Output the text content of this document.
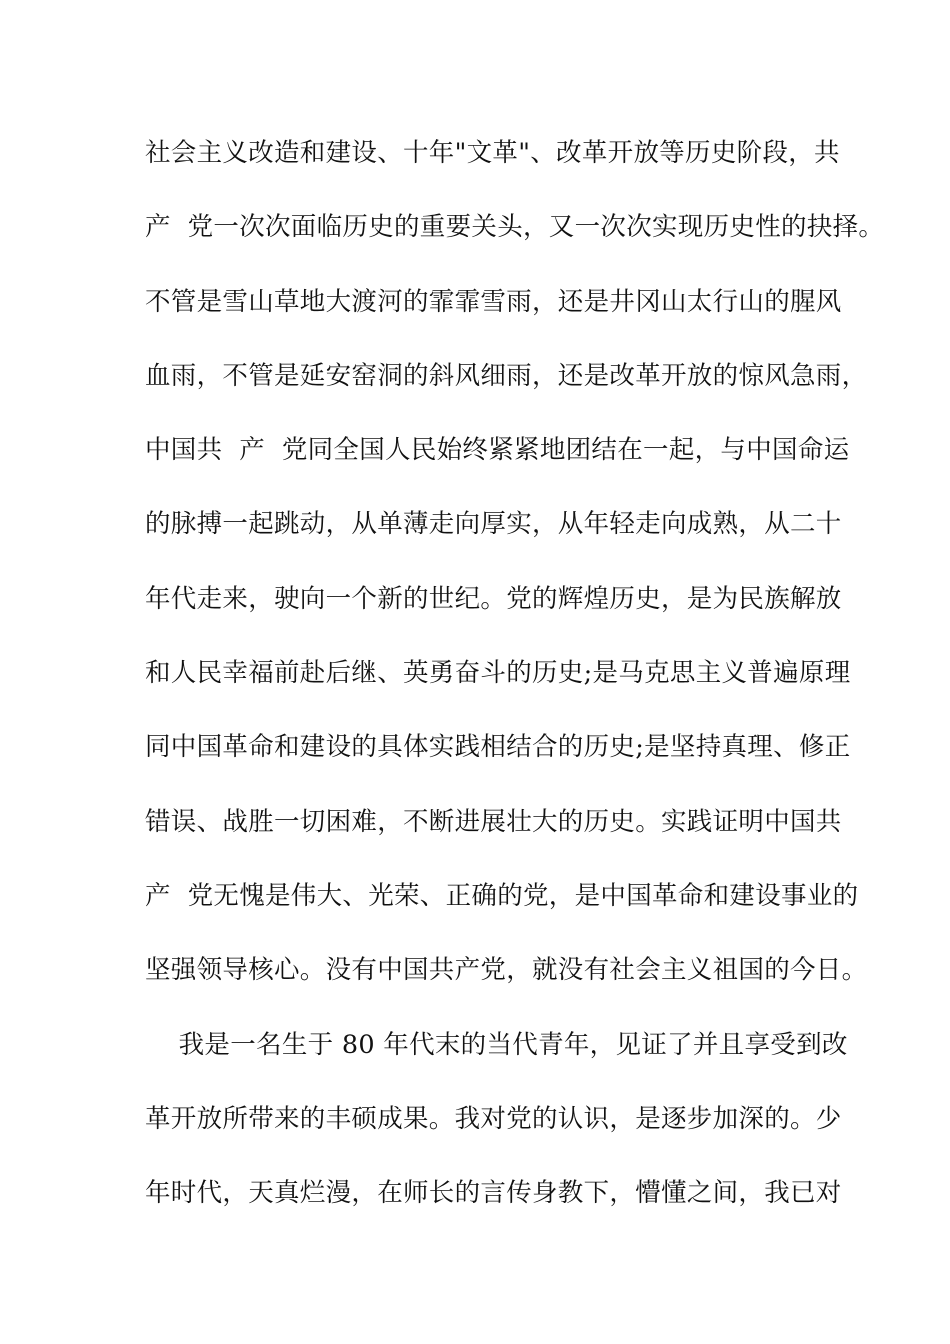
社会主义改造和建设、十年"文革"、改革开放等历史阶段，共
产  党一次次面临历史的重要关头，又一次次实现历史性的抉择。
不管是雪山草地大渡河的霏霏雪雨，还是井冈山太行山的腥风
血雨，不管是延安窑洞的斜风细雨，还是改革开放的惊风急雨，
中国共  产  党同全国人民始终紧紧地团结在一起，与中国命运
的脉搏一起跳动，从单薄走向厚实，从年轻走向成熟，从二十
年代走来，驶向一个新的世纪。党的辉煌历史，是为民族解放
和人民幸福前赴后继、英勇奋斗的历史;是马克思主义普遍原理
同中国革命和建设的具体实践相结合的历史;是坚持真理、修正
错误、战胜一切困难，不断进展壮大的历史。实践证明中国共
产  党无愧是伟大、光荣、正确的党，是中国革命和建设事业的
坚强领导核心。没有中国共产党，就没有社会主义祖国的今日。
我是一名生于 80 年代末的当代青年，见证了并且享受到改
革开放所带来的丰硕成果。我对党的认识，是逐步加深的。少
年时代，天真烂漫，在师长的言传身教下，懵懂之间，我已对
